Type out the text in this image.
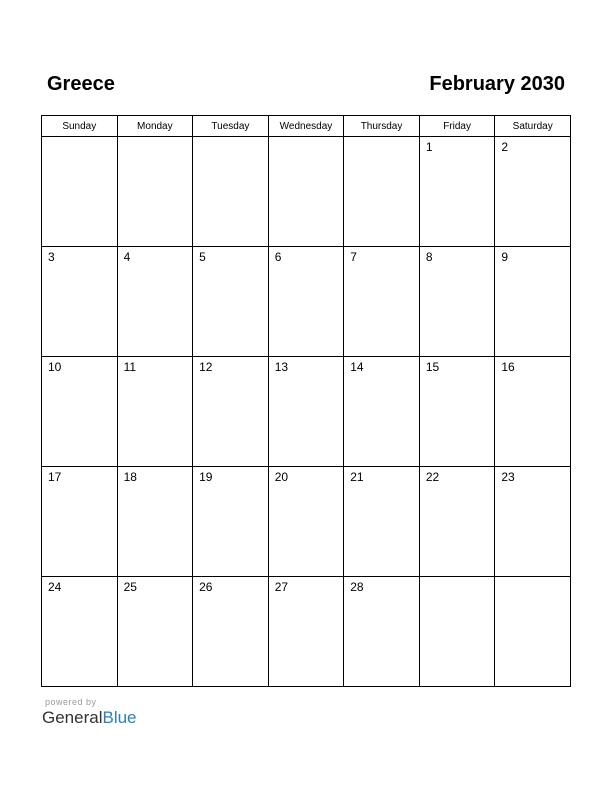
Greece	February 2030
Sunday	Monday	Tuesday	Wednesday	Thursday	Friday	Saturday

					1	2

3	4	5	6	7	8	9

10	11	12	13	14	15	16

17	18	19	20	21	22	23

24	25	26	27	28		

powered by
GeneralBlue
